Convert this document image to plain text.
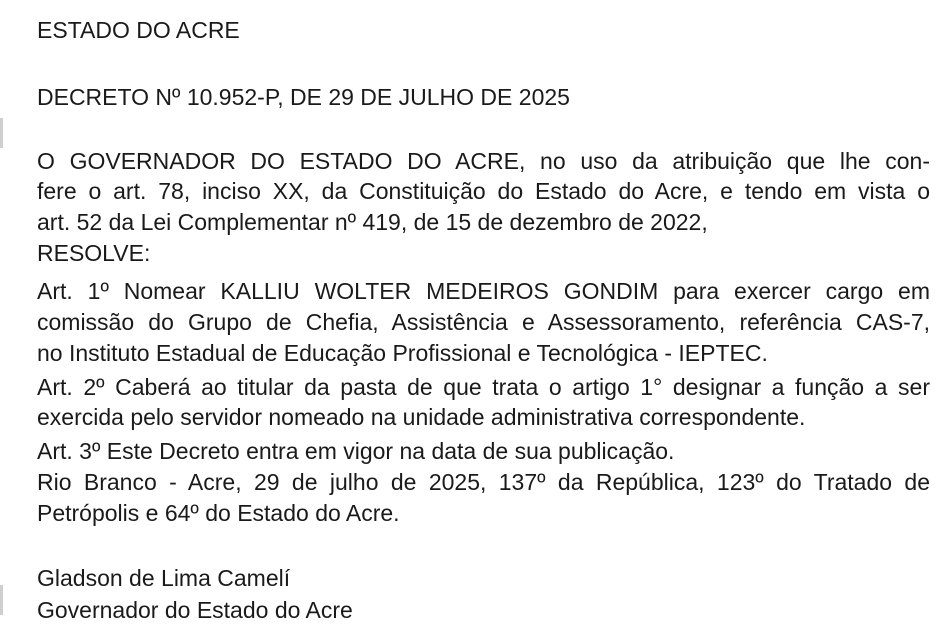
ESTADO DO ACRE
DECRETO Nº 10.952-P, DE 29 DE JULHO DE 2025
O GOVERNADOR DO ESTADO DO ACRE, no uso da atribuição que lhe con-
fere o art. 78, inciso XX, da Constituição do Estado do Acre, e tendo em vista o
art. 52 da Lei Complementar nº 419, de 15 de dezembro de 2022,
RESOLVE:
Art. 1º Nomear KALLIU WOLTER MEDEIROS GONDIM para exercer cargo em
comissão do Grupo de Chefia, Assistência e Assessoramento, referência CAS-7,
no Instituto Estadual de Educação Profissional e Tecnológica - IEPTEC.
Art. 2º Caberá ao titular da pasta de que trata o artigo 1° designar a função a ser
exercida pelo servidor nomeado na unidade administrativa correspondente.
Art. 3º Este Decreto entra em vigor na data de sua publicação.
Rio Branco - Acre, 29 de julho de 2025, 137º da República, 123º do Tratado de
Petrópolis e 64º do Estado do Acre.
Gladson de Lima Camelí
Governador do Estado do Acre
